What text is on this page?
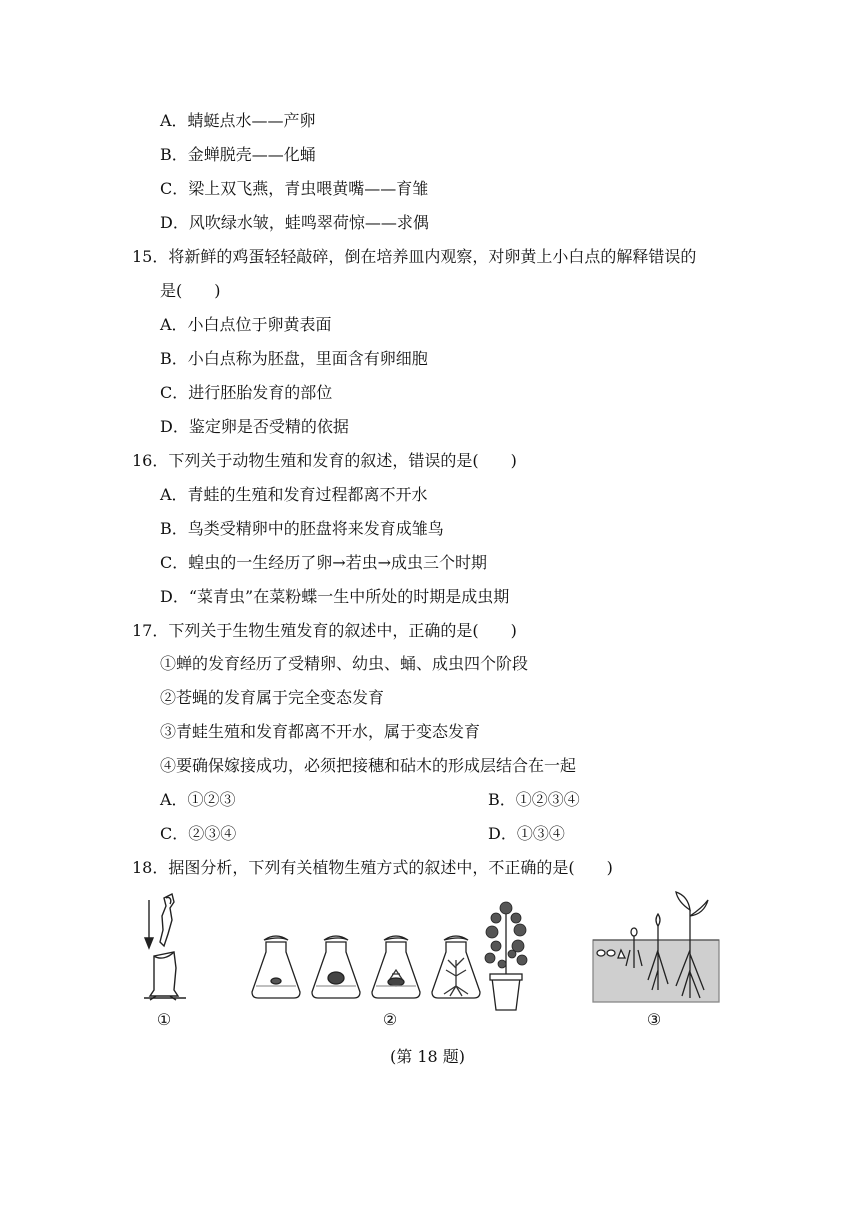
A．蜻蜓点水——产卵
B．金蝉脱壳——化蛹
C．梁上双飞燕，青虫喂黄嘴——育雏
D．风吹绿水皱，蛙鸣翠荷惊——求偶
15．将新鲜的鸡蛋轻轻敲碎，倒在培养皿内观察，对卵黄上小白点的解释错误的
是(　　)
A．小白点位于卵黄表面
B．小白点称为胚盘，里面含有卵细胞
C．进行胚胎发育的部位
D．鉴定卵是否受精的依据
16．下列关于动物生殖和发育的叙述，错误的是(　　)
A．青蛙的生殖和发育过程都离不开水
B．鸟类受精卵中的胚盘将来发育成雏鸟
C．蝗虫的一生经历了卵→若虫→成虫三个时期
D．“菜青虫”在菜粉蝶一生中所处的时期是成虫期
17．下列关于生物生殖发育的叙述中，正确的是(　　)
①蝉的发育经历了受精卵、幼虫、蛹、成虫四个阶段
②苍蝇的发育属于完全变态发育
③青蛙生殖和发育都离不开水，属于变态发育
④要确保嫁接成功，必须把接穗和砧木的形成层结合在一起
A．①②③	B．①②③④
C．②③④	D．①③④
18．据图分析，下列有关植物生殖方式的叙述中，不正确的是(　　)
①	②	③
(第 18 题)
